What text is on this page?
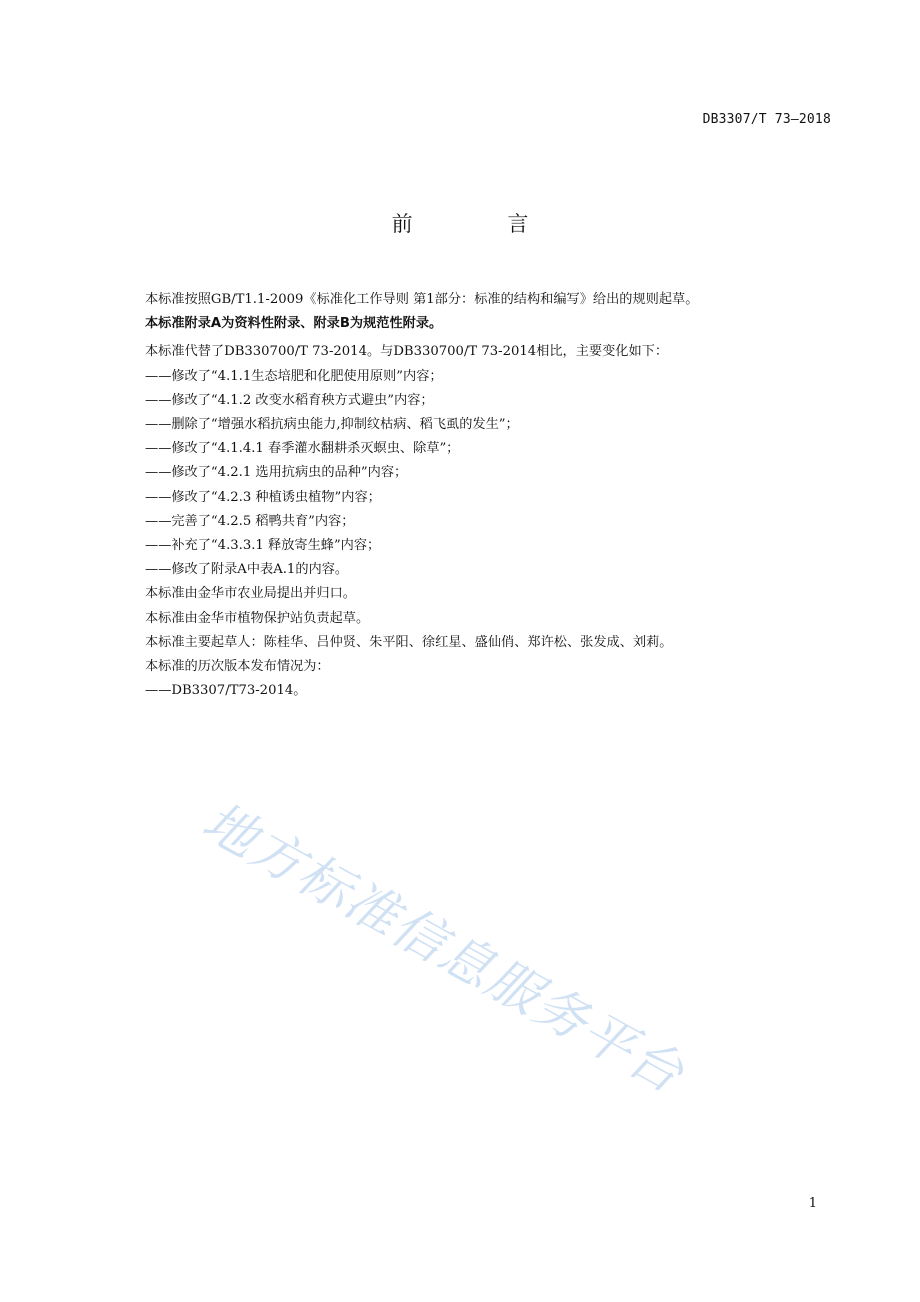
DB3307/T 73—2018
前 言
本标准按照GB/T1.1-2009《标准化工作导则 第1部分：标准的结构和编写》给出的规则起草。
本标准附录A为资料性附录、附录B为规范性附录。
本标准代替了DB330700/T 73-2014。与DB330700/T 73-2014相比，主要变化如下：
——修改了“4.1.1生态培肥和化肥使用原则”内容；
——修改了“4.1.2 改变水稻育秧方式避虫”内容；
——删除了“增强水稻抗病虫能力,抑制纹枯病、稻飞虱的发生”；
——修改了“4.1.4.1 春季灌水翻耕杀灭螟虫、除草”；
——修改了“4.2.1 选用抗病虫的品种”内容；
——修改了“4.2.3 种植诱虫植物”内容；
——完善了“4.2.5 稻鸭共育”内容；
——补充了“4.3.3.1 释放寄生蜂”内容；
——修改了附录A中表A.1的内容。
本标准由金华市农业局提出并归口。
本标准由金华市植物保护站负责起草。
本标准主要起草人：陈桂华、吕仲贤、朱平阳、徐红星、盛仙俏、郑许松、张发成、刘莉。
本标准的历次版本发布情况为：
——DB3307/T73-2014。
地方标准信息服务平台
1
